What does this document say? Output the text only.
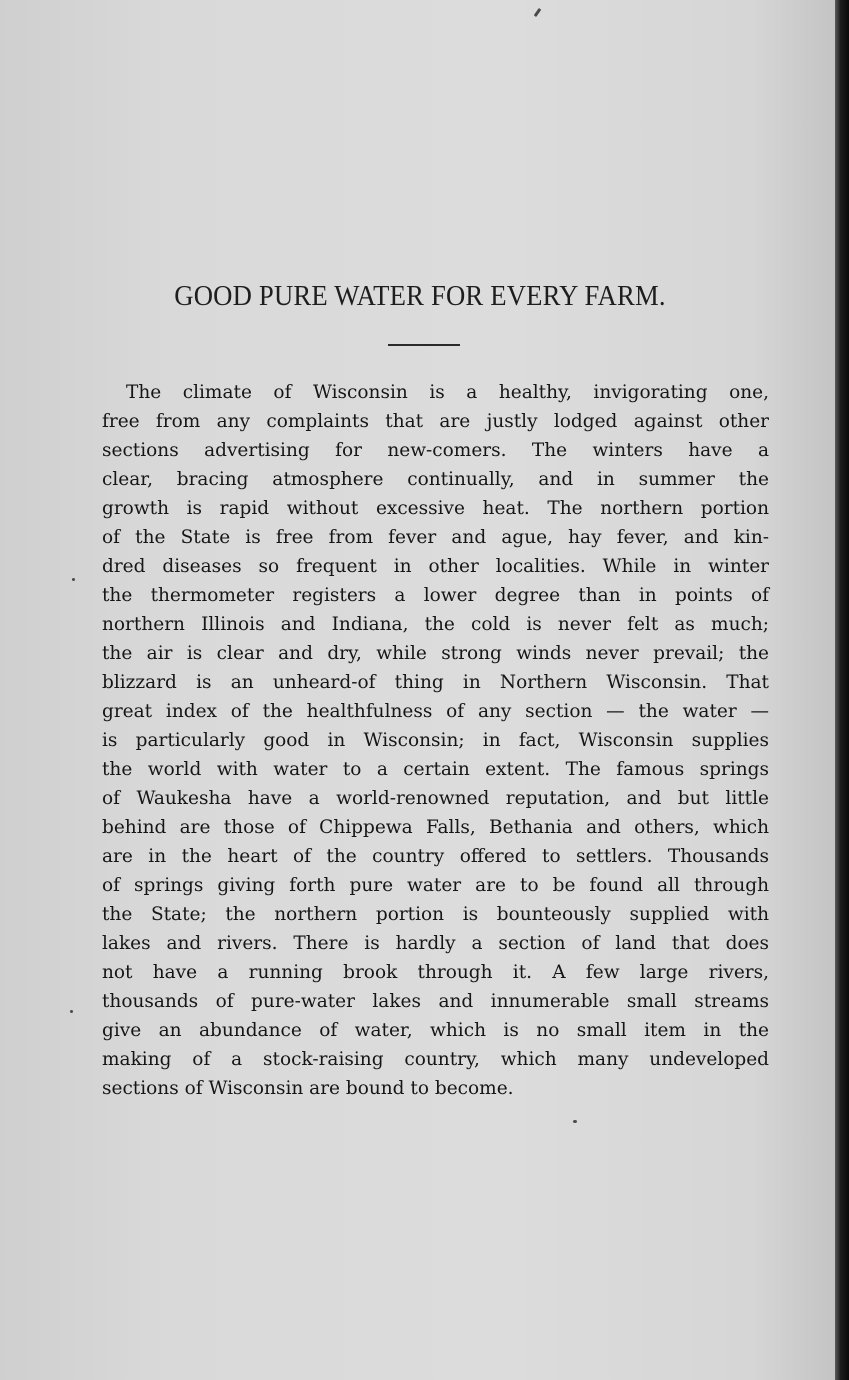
GOOD PURE WATER FOR EVERY FARM.
The climate of Wisconsin is a healthy, invigorating one,
free from any complaints that are justly lodged against other
sections advertising for new-comers. The winters have a
clear, bracing atmosphere continually, and in summer the
growth is rapid without excessive heat. The northern portion
of the State is free from fever and ague, hay fever, and kin-
dred diseases so frequent in other localities. While in winter
the thermometer registers a lower degree than in points of
northern Illinois and Indiana, the cold is never felt as much;
the air is clear and dry, while strong winds never prevail; the
blizzard is an unheard-of thing in Northern Wisconsin. That
great index of the healthfulness of any section — the water —
is particularly good in Wisconsin; in fact, Wisconsin supplies
the world with water to a certain extent. The famous springs
of Waukesha have a world-renowned reputation, and but little
behind are those of Chippewa Falls, Bethania and others, which
are in the heart of the country offered to settlers. Thousands
of springs giving forth pure water are to be found all through
the State; the northern portion is bounteously supplied with
lakes and rivers. There is hardly a section of land that does
not have a running brook through it. A few large rivers,
thousands of pure-water lakes and innumerable small streams
give an abundance of water, which is no small item in the
making of a stock-raising country, which many undeveloped
sections of Wisconsin are bound to become.
